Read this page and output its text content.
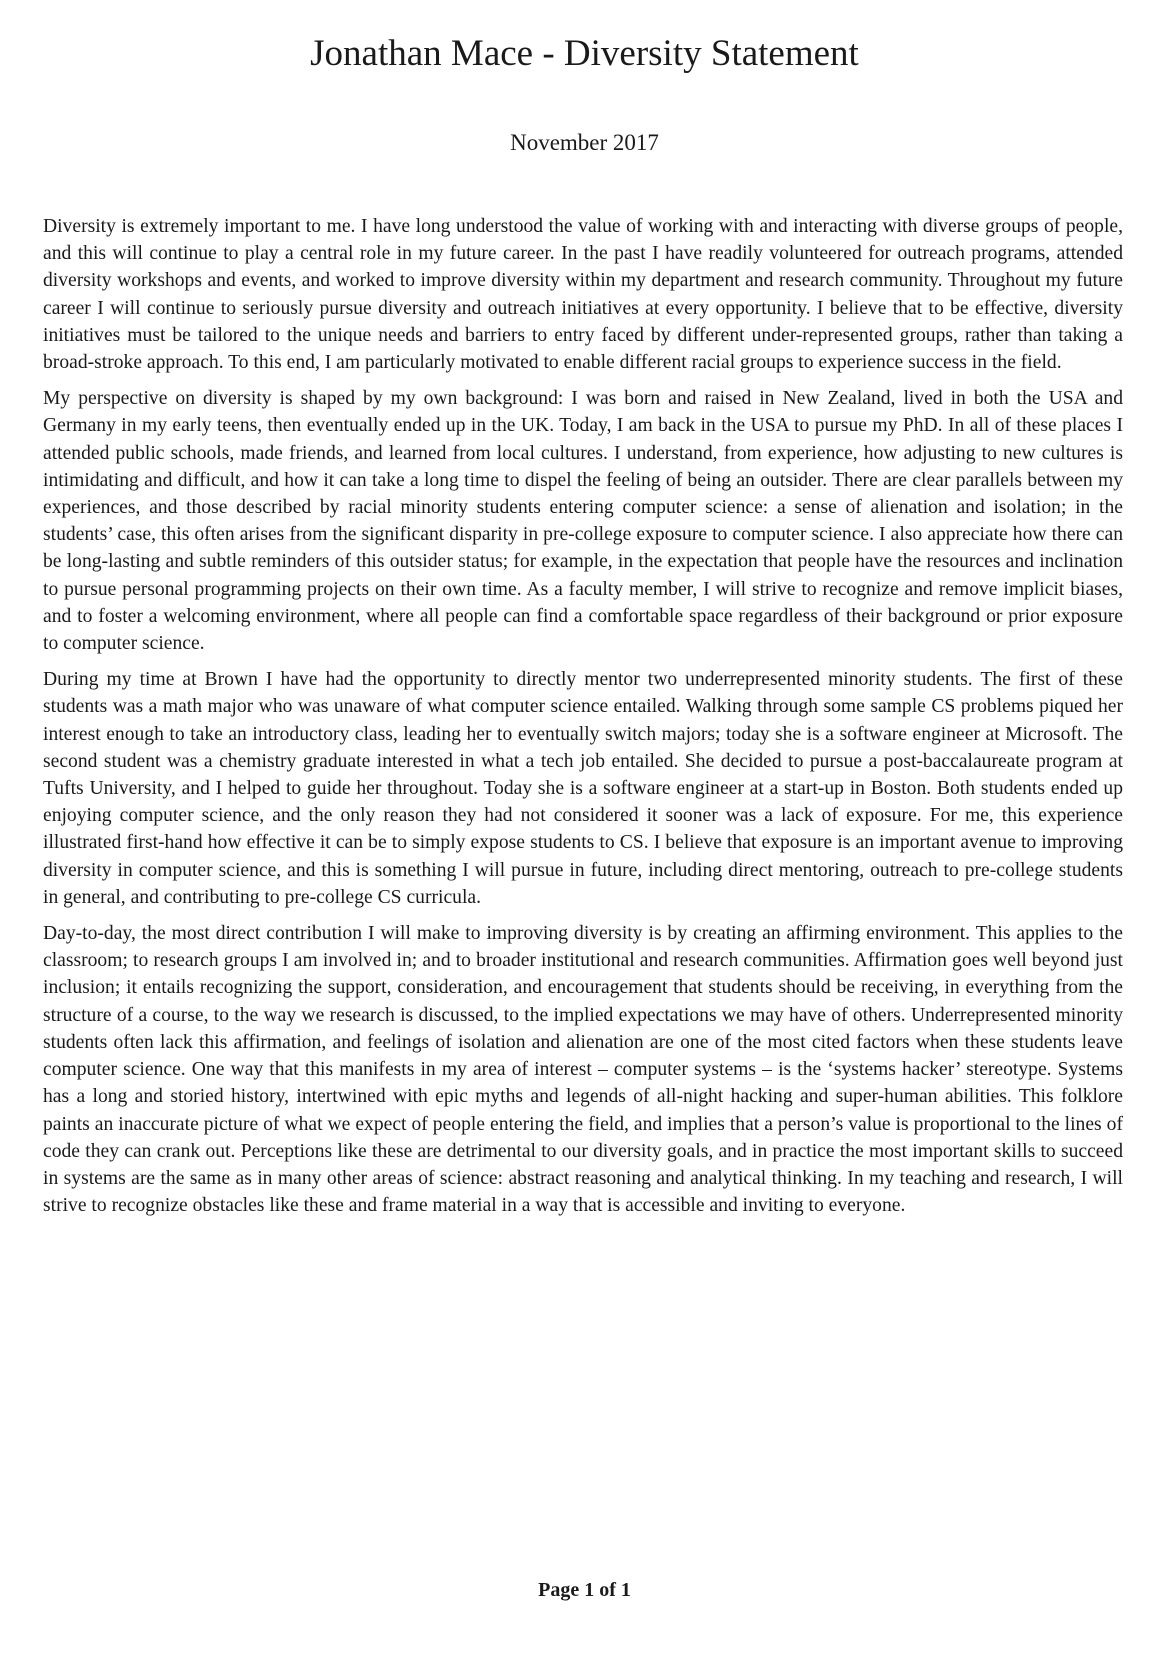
Jonathan Mace - Diversity Statement

November 2017

Diversity is extremely important to me. I have long understood the value of working with and interacting with diverse groups of people, and this will continue to play a central role in my future career. In the past I have readily volunteered for outreach programs, attended diversity workshops and events, and worked to improve diversity within my department and research community. Throughout my future career I will continue to seriously pursue diversity and outreach initiatives at every opportunity. I believe that to be effective, diversity initiatives must be tailored to the unique needs and barriers to entry faced by different under-represented groups, rather than taking a broad-stroke approach. To this end, I am particularly motivated to enable different racial groups to experience success in the field.

My perspective on diversity is shaped by my own background: I was born and raised in New Zealand, lived in both the USA and Germany in my early teens, then eventually ended up in the UK. Today, I am back in the USA to pursue my PhD. In all of these places I attended public schools, made friends, and learned from local cultures. I understand, from experience, how adjusting to new cultures is intimidating and difficult, and how it can take a long time to dispel the feeling of being an outsider. There are clear parallels between my experiences, and those described by racial minority students entering computer science: a sense of alienation and isolation; in the students’ case, this often arises from the significant disparity in pre-college exposure to computer science. I also appreciate how there can be long-lasting and subtle reminders of this outsider status; for example, in the expectation that people have the resources and inclination to pursue personal programming projects on their own time. As a faculty member, I will strive to recognize and remove implicit biases, and to foster a welcoming environment, where all people can find a comfortable space regardless of their background or prior exposure to computer science.

During my time at Brown I have had the opportunity to directly mentor two underrepresented minority students. The first of these students was a math major who was unaware of what computer science entailed. Walking through some sample CS problems piqued her interest enough to take an introductory class, leading her to eventually switch majors; today she is a software engineer at Microsoft. The second student was a chemistry graduate interested in what a tech job entailed. She decided to pursue a post-baccalaureate program at Tufts University, and I helped to guide her throughout. Today she is a software engineer at a start-up in Boston. Both students ended up enjoying computer science, and the only reason they had not considered it sooner was a lack of exposure. For me, this experience illustrated first-hand how effective it can be to simply expose students to CS. I believe that exposure is an important avenue to improving diversity in computer science, and this is something I will pursue in future, including direct mentoring, outreach to pre-college students in general, and contributing to pre-college CS curricula.

Day-to-day, the most direct contribution I will make to improving diversity is by creating an affirming environment. This applies to the classroom; to research groups I am involved in; and to broader institutional and research communities. Affirmation goes well beyond just inclusion; it entails recognizing the support, consideration, and encouragement that students should be receiving, in everything from the structure of a course, to the way we research is discussed, to the implied expectations we may have of others. Underrepresented minority students often lack this affirmation, and feelings of isolation and alienation are one of the most cited factors when these students leave computer science. One way that this manifests in my area of interest – computer systems – is the ‘systems hacker’ stereotype. Systems has a long and storied history, intertwined with epic myths and legends of all-night hacking and super-human abilities. This folklore paints an inaccurate picture of what we expect of people entering the field, and implies that a person’s value is proportional to the lines of code they can crank out. Perceptions like these are detrimental to our diversity goals, and in practice the most important skills to succeed in systems are the same as in many other areas of science: abstract reasoning and analytical thinking. In my teaching and research, I will strive to recognize obstacles like these and frame material in a way that is accessible and inviting to everyone.

Page 1 of 1
